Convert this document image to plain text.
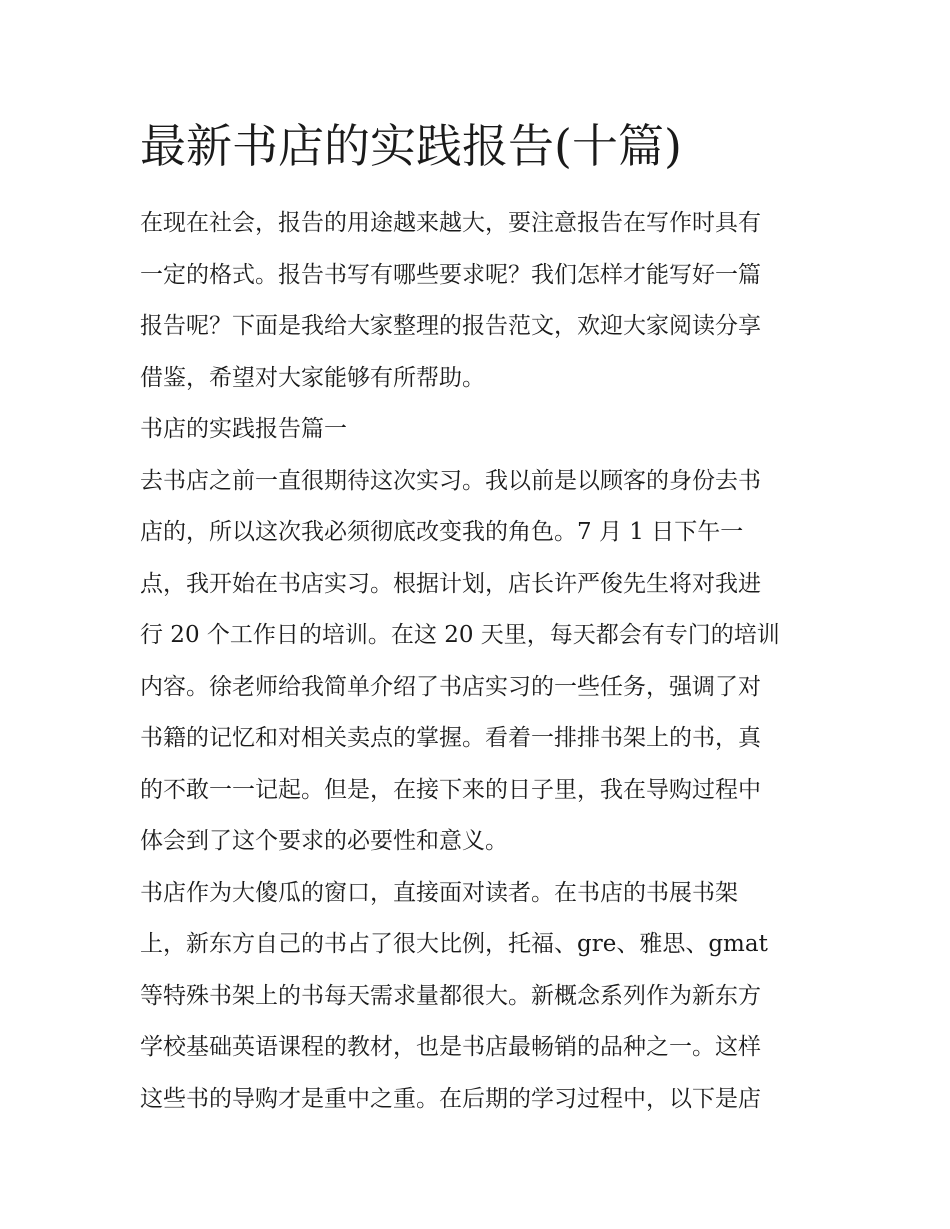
最新书店的实践报告(十篇)
在现在社会，报告的用途越来越大，要注意报告在写作时具有
一定的格式。报告书写有哪些要求呢？我们怎样才能写好一篇
报告呢？下面是我给大家整理的报告范文，欢迎大家阅读分享
借鉴，希望对大家能够有所帮助。
书店的实践报告篇一
去书店之前一直很期待这次实习。我以前是以顾客的身份去书
店的，所以这次我必须彻底改变我的角色。7 月 1 日下午一
点，我开始在书店实习。根据计划，店长许严俊先生将对我进
行 20 个工作日的培训。在这 20 天里，每天都会有专门的培训
内容。徐老师给我简单介绍了书店实习的一些任务，强调了对
书籍的记忆和对相关卖点的掌握。看着一排排书架上的书，真
的不敢一一记起。但是，在接下来的日子里，我在导购过程中
体会到了这个要求的必要性和意义。
书店作为大傻瓜的窗口，直接面对读者。在书店的书展书架
上，新东方自己的书占了很大比例，托福、gre、雅思、gmat
等特殊书架上的书每天需求量都很大。新概念系列作为新东方
学校基础英语课程的教材，也是书店最畅销的品种之一。这样
这些书的导购才是重中之重。在后期的学习过程中，以下是店
